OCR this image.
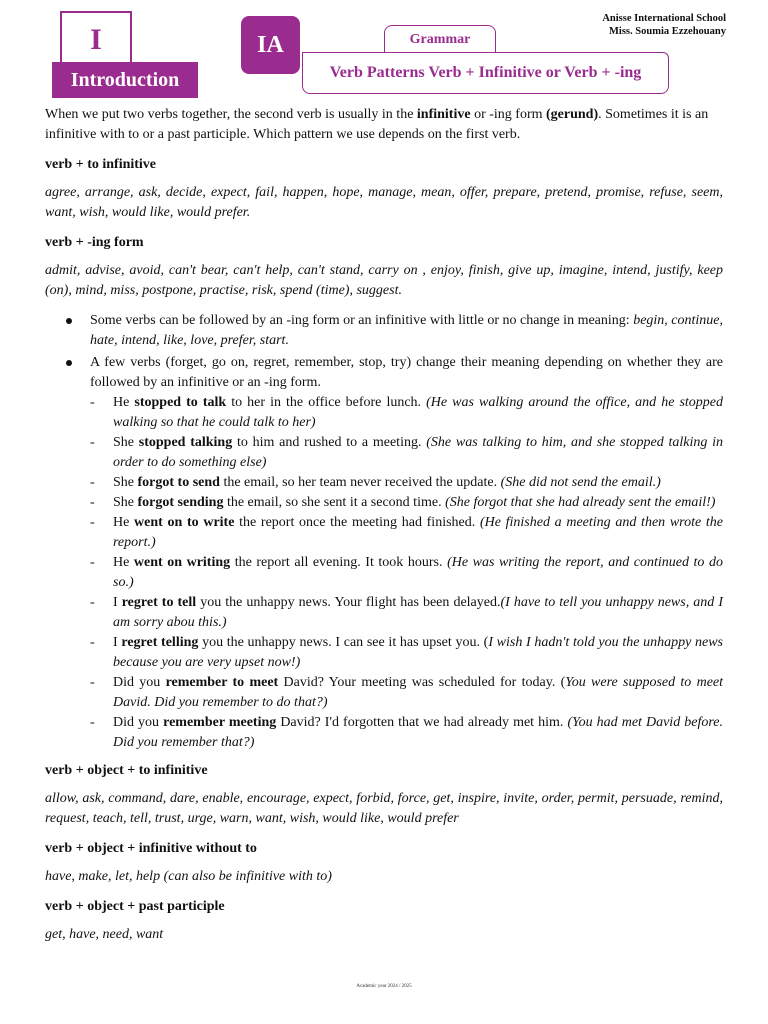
I
Introduction
IA	Grammar
Verb Patterns Verb + Infinitive or Verb + -ing
Anisse International School
Miss. Soumia Ezzehouany

When we put two verbs together, the second verb is usually in the infinitive or -ing form (gerund). Sometimes it is an infinitive with to or a past participle. Which pattern we use depends on the first verb.

verb + to infinitive

agree, arrange, ask, decide, expect, fail, happen, hope, manage, mean, offer, prepare, pretend, promise, refuse, seem, want, wish, would like, would prefer.

verb + -ing form

admit, advise, avoid, can't bear, can't help, can't stand, carry on , enjoy, finish, give up, imagine, intend, justify, keep (on), mind, miss, postpone, practise, risk, spend (time), suggest.

Some verbs can be followed by an -ing form or an infinitive with little or no change in meaning: begin, continue, hate, intend, like, love, prefer, start.
A few verbs (forget, go on, regret, remember, stop, try) change their meaning depending on whether they are followed by an infinitive or an -ing form.
- He stopped to talk to her in the office before lunch. (He was walking around the office, and he stopped walking so that he could talk to her)
- She stopped talking to him and rushed to a meeting. (She was talking to him, and she stopped talking in order to do something else)
- She forgot to send the email, so her team never received the update. (She did not send the email.)
- She forgot sending the email, so she sent it a second time. (She forgot that she had already sent the email!)
- He went on to write the report once the meeting had finished. (He finished a meeting and then wrote the report.)
- He went on writing the report all evening. It took hours. (He was writing the report, and continued to do so.)
- I regret to tell you the unhappy news. Your flight has been delayed.(I have to tell you unhappy news, and I am sorry abou this.)
- I regret telling you the unhappy news. I can see it has upset you. (I wish I hadn't told you the unhappy news because you are very upset now!)
- Did you remember to meet David? Your meeting was scheduled for today. (You were supposed to meet David. Did you remember to do that?)
- Did you remember meeting David? I'd forgotten that we had already met him. (You had met David before. Did you remember that?)

verb + object + to infinitive

allow, ask, command, dare, enable, encourage, expect, forbid, force, get, inspire, invite, order, permit, persuade, remind, request, teach, tell, trust, urge, warn, want, wish, would like, would prefer

verb + object + infinitive without to

have, make, let, help (can also be infinitive with to)

verb + object + past participle

get, have, need, want

Academic year 2024 / 2025
